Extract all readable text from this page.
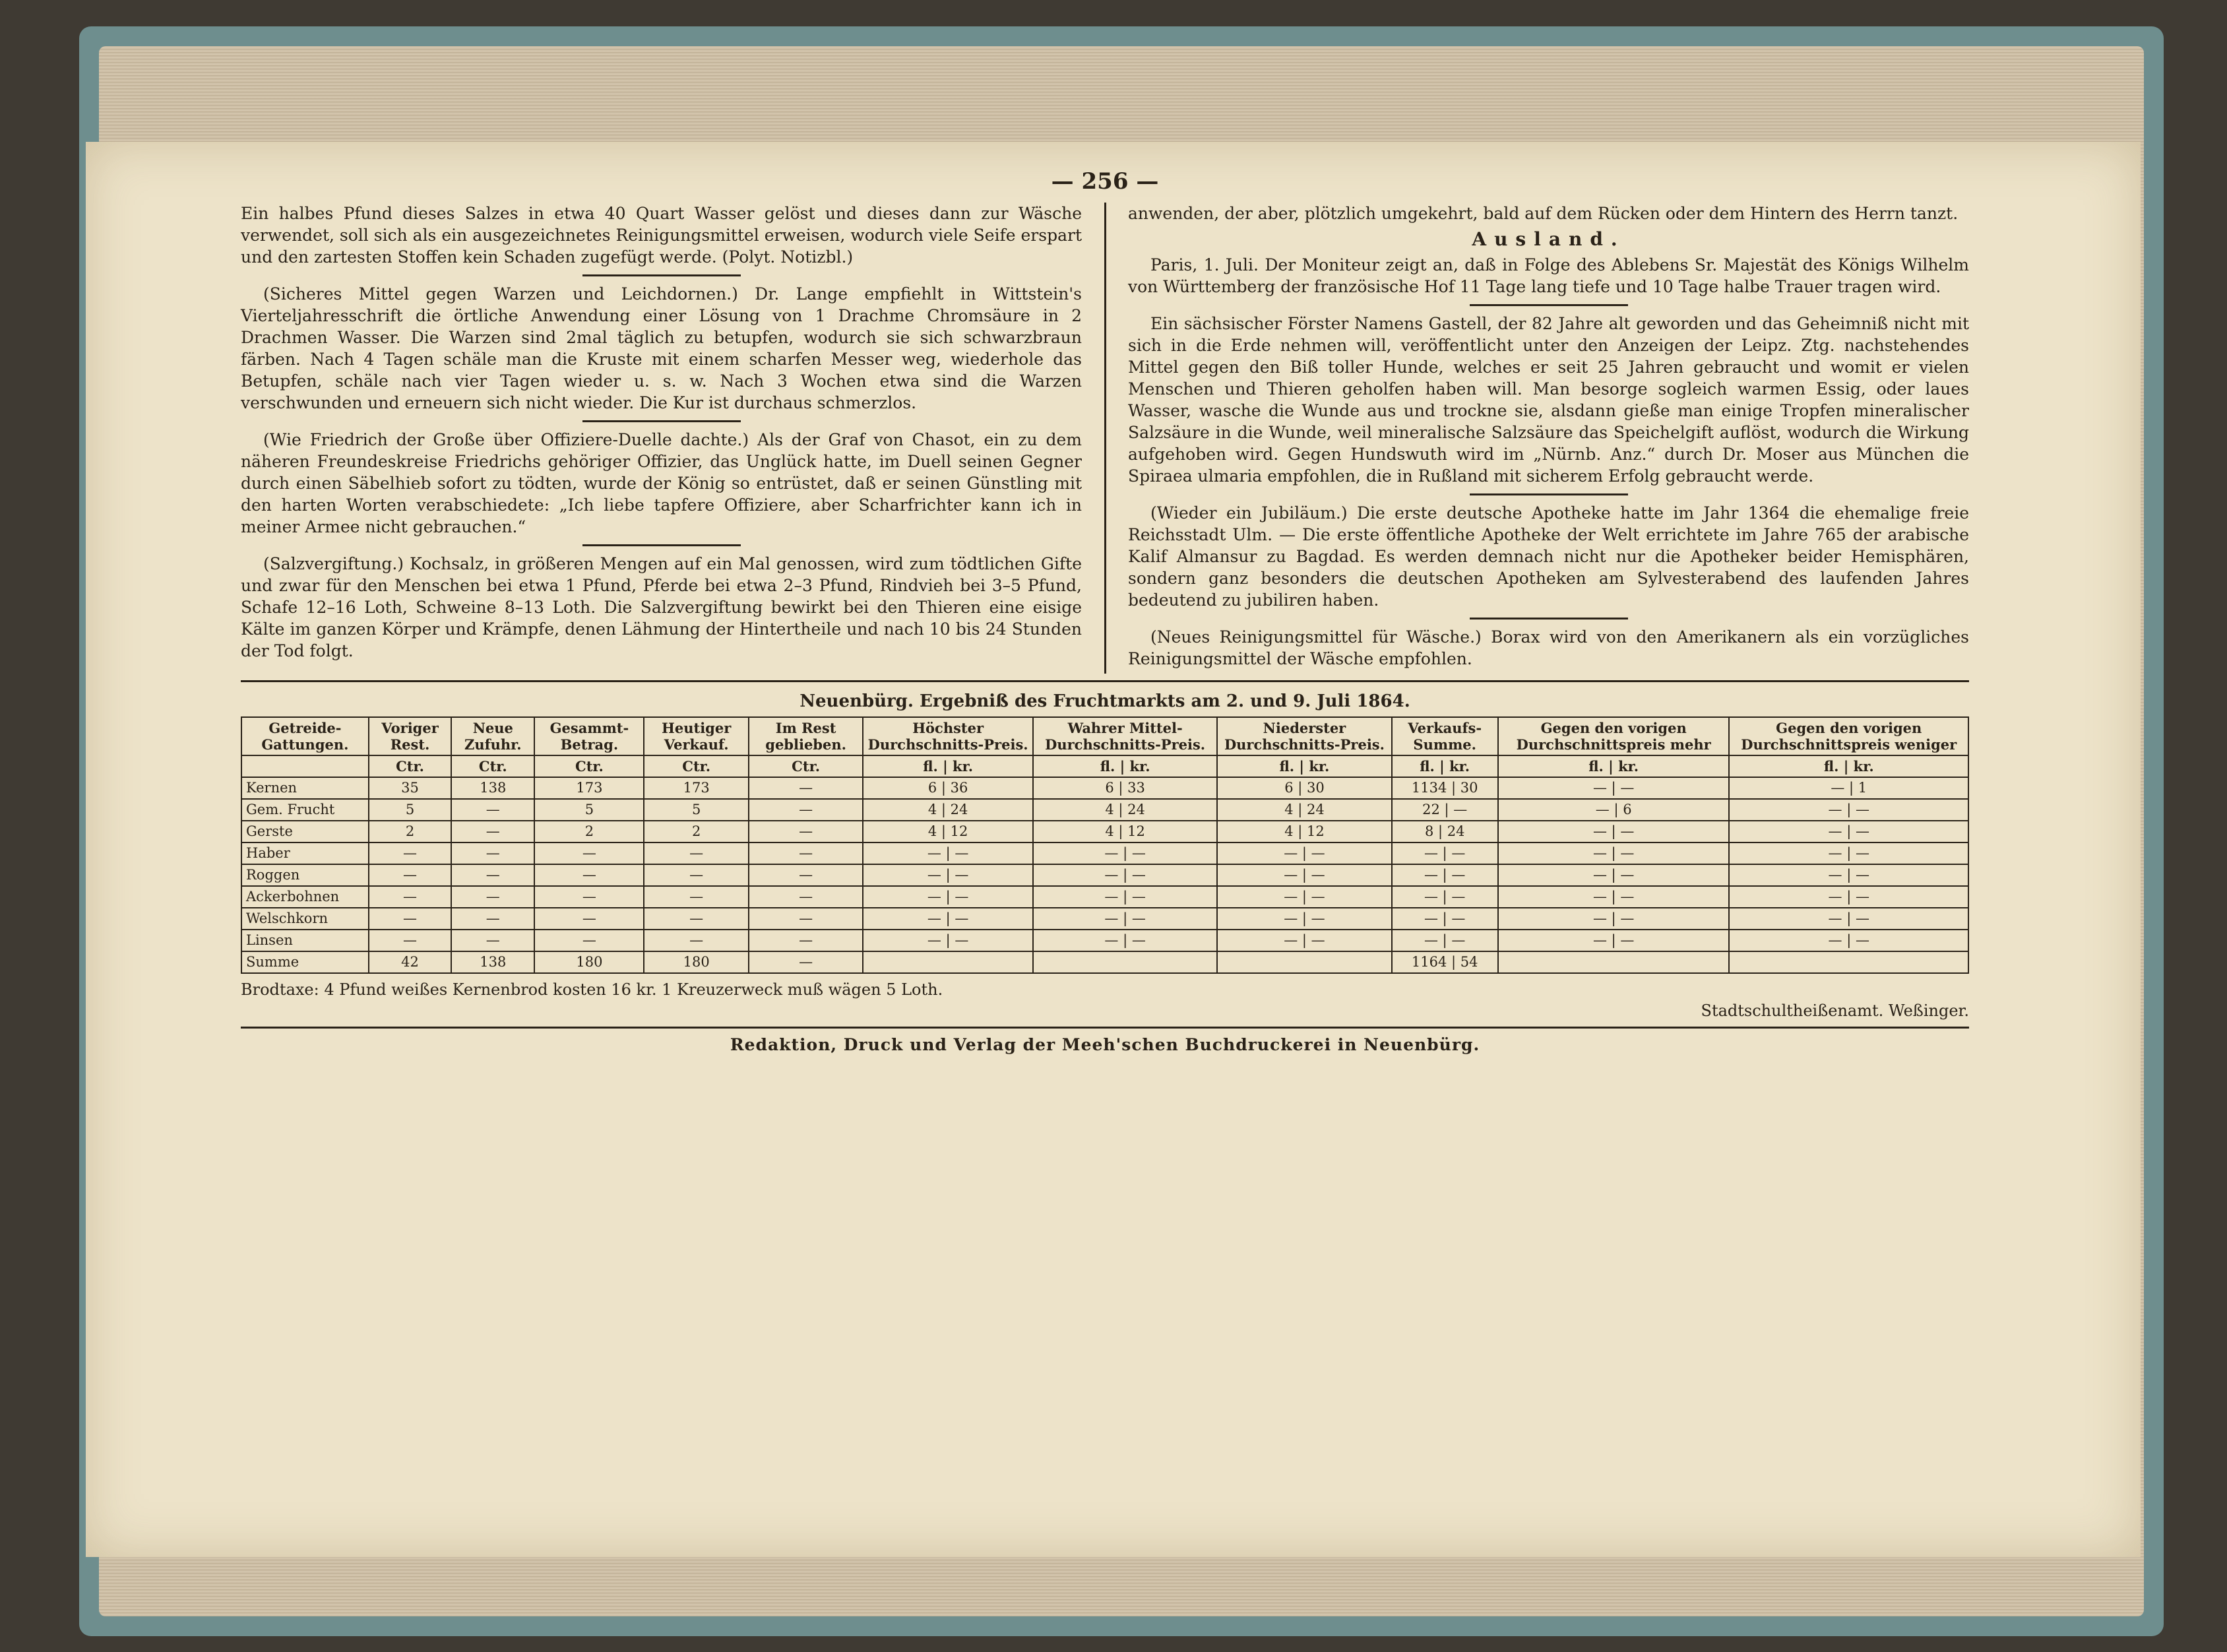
— 256 —

Ein halbes Pfund dieses Salzes in etwa 40 Quart Wasser gelöst und dieses dann zur Wäsche verwendet, soll sich als ein ausgezeichnetes Reinigungsmittel erweisen, wodurch viele Seife erspart und den zartesten Stoffen kein Schaden zugefügt werde. (Polyt. Notizbl.)

(Sicheres Mittel gegen Warzen und Leichdornen.) Dr. Lange empfiehlt in Wittstein's Vierteljahresschrift die örtliche Anwendung einer Lösung von 1 Drachme Chromsäure in 2 Drachmen Wasser. Die Warzen sind 2mal täglich zu betupfen, wodurch sie sich schwarzbraun färben. Nach 4 Tagen schäle man die Kruste mit einem scharfen Messer weg, wiederhole das Betupfen, schäle nach vier Tagen wieder u. s. w. Nach 3 Wochen etwa sind die Warzen verschwunden und erneuern sich nicht wieder. Die Kur ist durchaus schmerzlos.

(Wie Friedrich der Große über Offiziere-Duelle dachte.) Als der Graf von Chasot, ein zu dem näheren Freundeskreise Friedrichs gehöriger Offizier, das Unglück hatte, im Duell seinen Gegner durch einen Säbelhieb sofort zu tödten, wurde der König so entrüstet, daß er seinen Günstling mit den harten Worten verabschiedete: „Ich liebe tapfere Offiziere, aber Scharfrichter kann ich in meiner Armee nicht gebrauchen.“

(Salzvergiftung.) Kochsalz, in größeren Mengen auf ein Mal genossen, wird zum tödtlichen Gifte und zwar für den Menschen bei etwa 1 Pfund, Pferde bei etwa 2–3 Pfund, Rindvieh bei 3–5 Pfund, Schafe 12–16 Loth, Schweine 8–13 Loth. Die Salzvergiftung bewirkt bei den Thieren eine eisige Kälte im ganzen Körper und Krämpfe, denen Lähmung der Hintertheile und nach 10 bis 24 Stunden der Tod folgt.

anwenden, der aber, plötzlich umgekehrt, bald auf dem Rücken oder dem Hintern des Herrn tanzt.

Ausland.

Paris, 1. Juli. Der Moniteur zeigt an, daß in Folge des Ablebens Sr. Majestät des Königs Wilhelm von Württemberg der französische Hof 11 Tage lang tiefe und 10 Tage halbe Trauer tragen wird.

Ein sächsischer Förster Namens Gastell, der 82 Jahre alt geworden und das Geheimniß nicht mit sich in die Erde nehmen will, veröffentlicht unter den Anzeigen der Leipz. Ztg. nachstehendes Mittel gegen den Biß toller Hunde, welches er seit 25 Jahren gebraucht und womit er vielen Menschen und Thieren geholfen haben will. Man besorge sogleich warmen Essig, oder laues Wasser, wasche die Wunde aus und trockne sie, alsdann gieße man einige Tropfen mineralischer Salzsäure in die Wunde, weil mineralische Salzsäure das Speichelgift auflöst, wodurch die Wirkung aufgehoben wird. Gegen Hundswuth wird im „Nürnb. Anz.“ durch Dr. Moser aus München die Spiraea ulmaria empfohlen, die in Rußland mit sicherem Erfolg gebraucht werde.

(Wieder ein Jubiläum.) Die erste deutsche Apotheke hatte im Jahr 1364 die ehemalige freie Reichsstadt Ulm. — Die erste öffentliche Apotheke der Welt errichtete im Jahre 765 der arabische Kalif Almansur zu Bagdad. Es werden demnach nicht nur die Apotheker beider Hemisphären, sondern ganz besonders die deutschen Apotheken am Sylvesterabend des laufenden Jahres bedeutend zu jubiliren haben.

(Neues Reinigungsmittel für Wäsche.) Borax wird von den Amerikanern als ein vorzügliches Reinigungsmittel der Wäsche empfohlen.

Neuenbürg. Ergebniß des Fruchtmarkts am 2. und 9. Juli 1864.
Getreide-Gattungen.	Voriger Rest.	Neue Zufuhr.	Gesammt-Betrag.	Heutiger Verkauf.	Im Rest geblieben.	Höchster Durchschnitts-Preis.	Wahrer Mittel-Durchschnitts-Preis.	Niederster Durchschnitts-Preis.	Verkaufs-Summe.	Gegen den vorigen Durchschnittspreis mehr	Gegen den vorigen Durchschnittspreis weniger
	Ctr.	Ctr.	Ctr.	Ctr.	Ctr.	fl. | kr.	fl. | kr.	fl. | kr.	fl. | kr.	fl. | kr.	fl. | kr.
Kernen	35	138	173	173	—	6 | 36	6 | 33	6 | 30	1134 | 30	— | —	— | 1
Gem. Frucht	5	—	5	5	—	4 | 24	4 | 24	4 | 24	22 | —	— | 6	— | —
Gerste	2	—	2	2	—	4 | 12	4 | 12	4 | 12	8 | 24	— | —	— | —
Haber	—	—	—	—	—	— | —	— | —	— | —	— | —	— | —	— | —
Roggen	—	—	—	—	—	— | —	— | —	— | —	— | —	— | —	— | —
Ackerbohnen	—	—	—	—	—	— | —	— | —	— | —	— | —	— | —	— | —
Welschkorn	—	—	—	—	—	— | —	— | —	— | —	— | —	— | —	— | —
Linsen	—	—	—	—	—	— | —	— | —	— | —	— | —	— | —	— | —
Summe	42	138	180	180	—				1164 | 54		
Brodtaxe: 4 Pfund weißes Kernenbrod kosten 16 kr. 1 Kreuzerweck muß wägen 5 Loth.
Stadtschultheißenamt. Weßinger.
Redaktion, Druck und Verlag der Meeh'schen Buchdruckerei in Neuenbürg.
